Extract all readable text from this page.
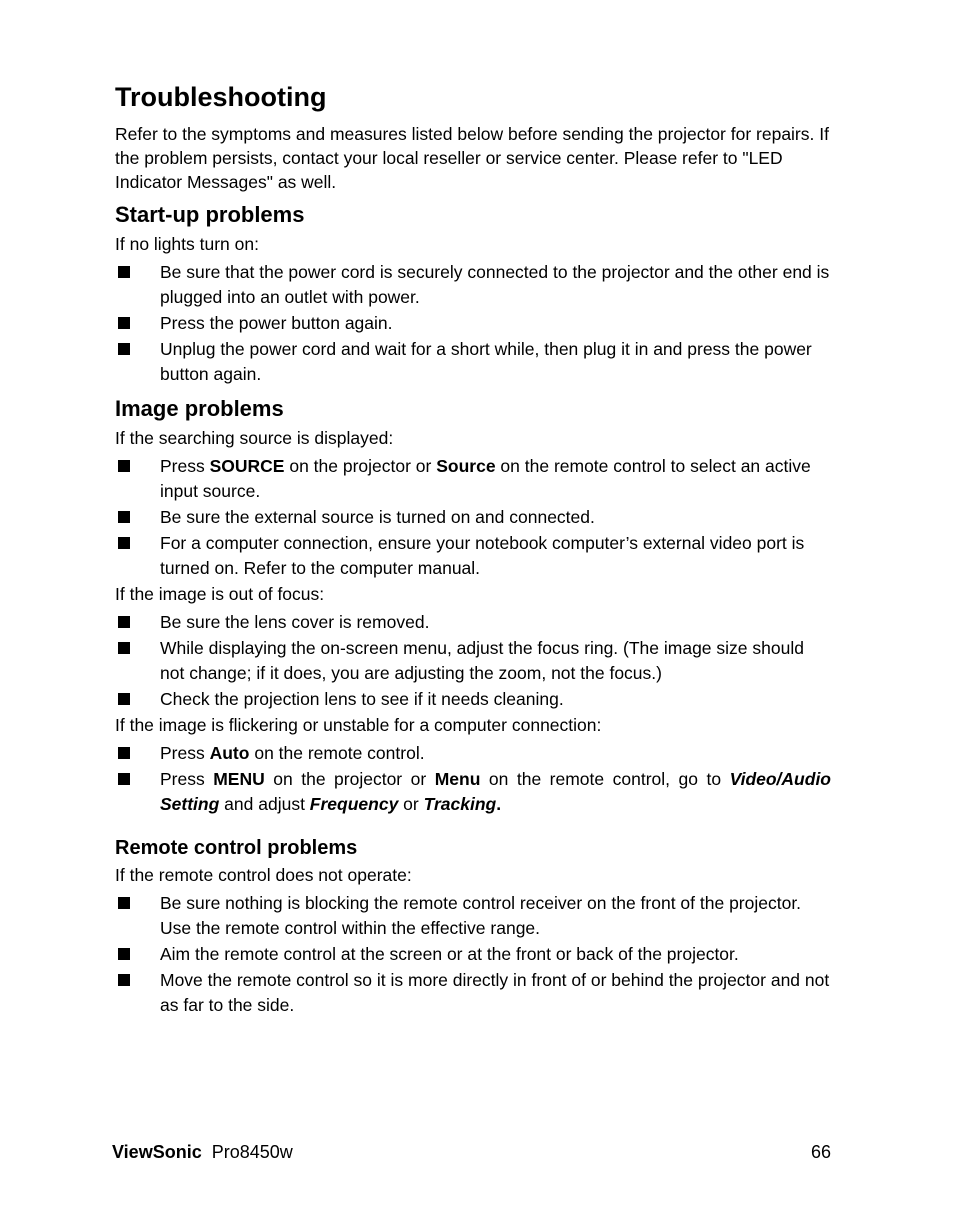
Troubleshooting

Refer to the symptoms and measures listed below before sending the projector for repairs. If the problem persists, contact your local reseller or service center. Please refer to "LED Indicator Messages" as well.

Start-up problems

If no lights turn on:

Be sure that the power cord is securely connected to the projector and the other end is plugged into an outlet with power.
Press the power button again.
Unplug the power cord and wait for a short while, then plug it in and press the power button again.
Image problems

If the searching source is displayed:

Press SOURCE on the projector or Source on the remote control to select an active input source.
Be sure the external source is turned on and connected.
For a computer connection, ensure your notebook computer’s external video port is turned on. Refer to the computer manual.

If the image is out of focus:

Be sure the lens cover is removed.
While displaying the on-screen menu, adjust the focus ring. (The image size should not change; if it does, you are adjusting the zoom, not the focus.)
Check the projection lens to see if it needs cleaning.

If the image is flickering or unstable for a computer connection:

Press Auto on the remote control.
Press MENU on the projector or Menu on the remote control, go to Video/Audio Setting and adjust Frequency or Tracking.
Remote control problems

If the remote control does not operate:

Be sure nothing is blocking the remote control receiver on the front of the projector. Use the remote control within the effective range.
Aim the remote control at the screen or at the front or back of the projector.
Move the remote control so it is more directly in front of or behind the projector and not as far to the side.
ViewSonic Pro8450w	66
